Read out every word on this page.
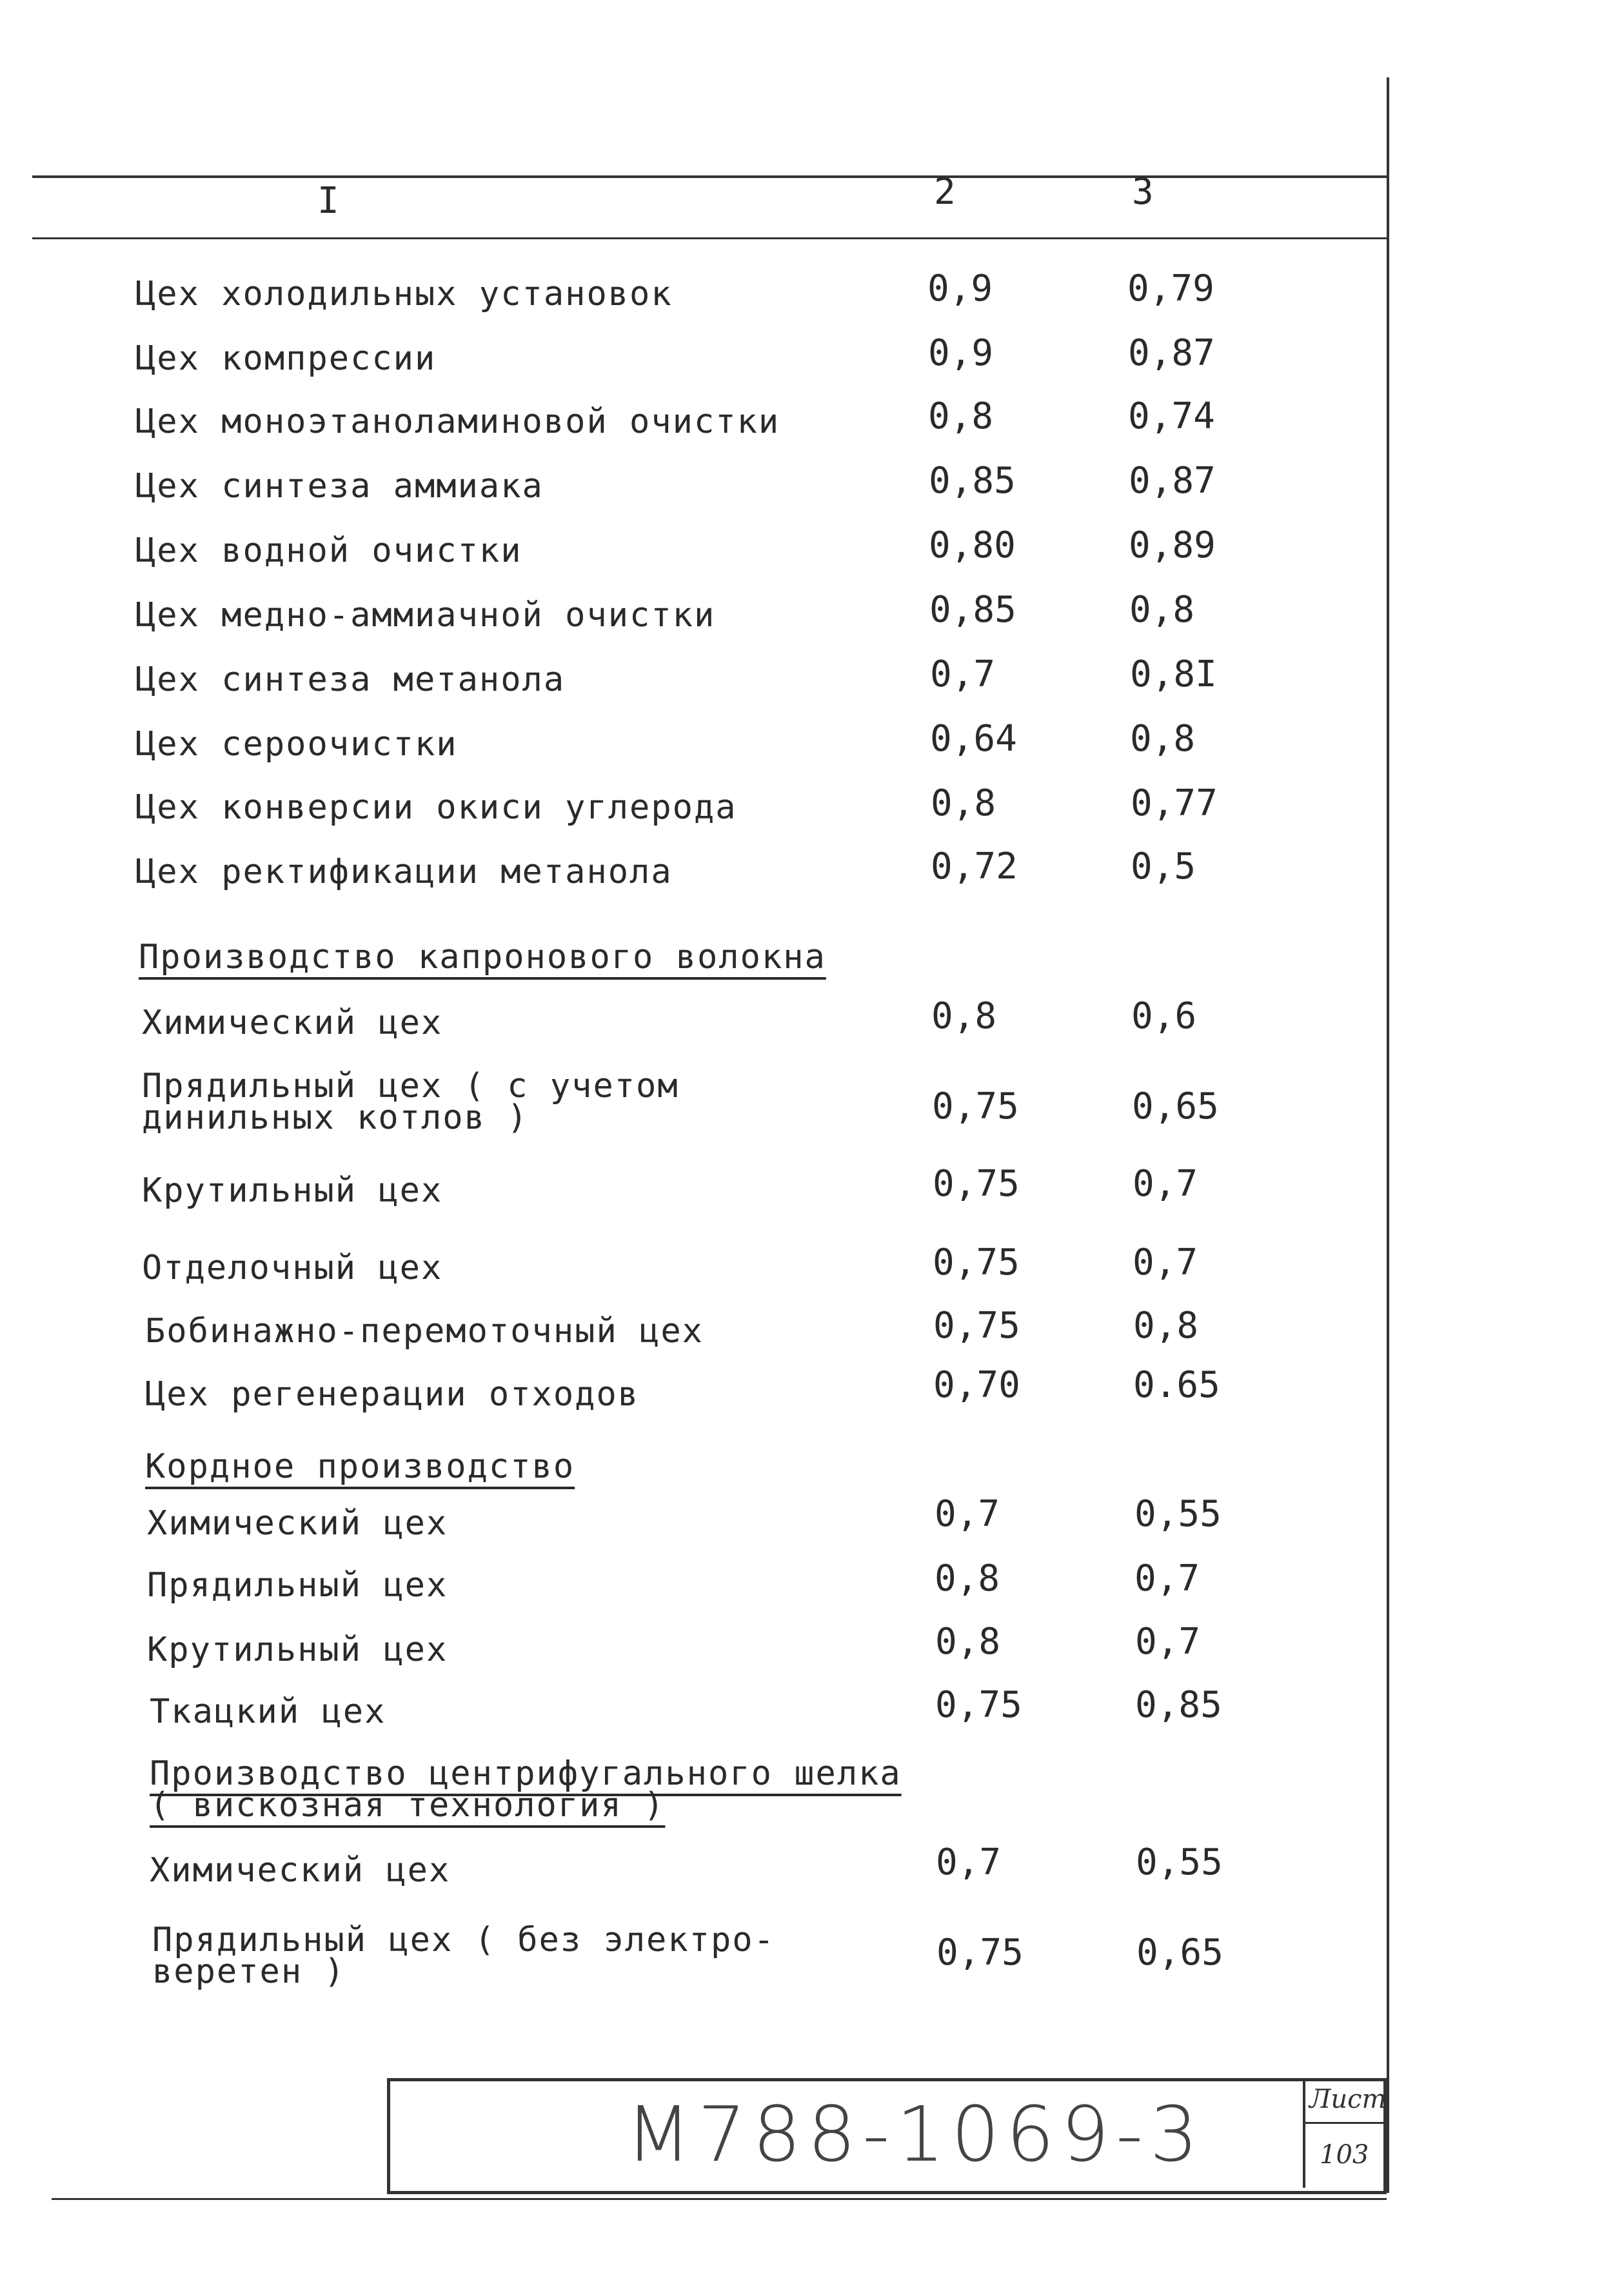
I	2	3
Цех холодильных установок	0,9	0,79
Цех компрессии	0,9	0,87
Цех моноэтаноламиновой очистки	0,8	0,74
Цех синтеза аммиака	0,85	0,87
Цех водной очистки	0,80	0,89
Цех медно-аммиачной очистки	0,85	0,8
Цех синтеза метанола	0,7	0,8I
Цех сероочистки	0,64	0,8
Цех конверсии окиси углерода	0,8	0,77
Цех ректификации метанола	0,72	0,5
Производство капронового волокна
Химический цех	0,8	0,6
Прядильный цех ( с учетом
динильных котлов )	0,75	0,65
Крутильный цех	0,75	0,7
Отделочный цех	0,75	0,7
Бобинажно-перемоточный цех	0,75	0,8
Цех регенерации отходов	0,70	0.65
Кордное производство
Химический цех	0,7	0,55
Прядильный цех	0,8	0,7
Крутильный цех	0,8	0,7
Ткацкий цех	0,75	0,85
Производство центрифугального шелка
( вискозная технология )
Химический цех	0,7	0,55
Прядильный цех ( без электро-
веретен )	0,75	0,65
М788-1069-3	Лист
103
